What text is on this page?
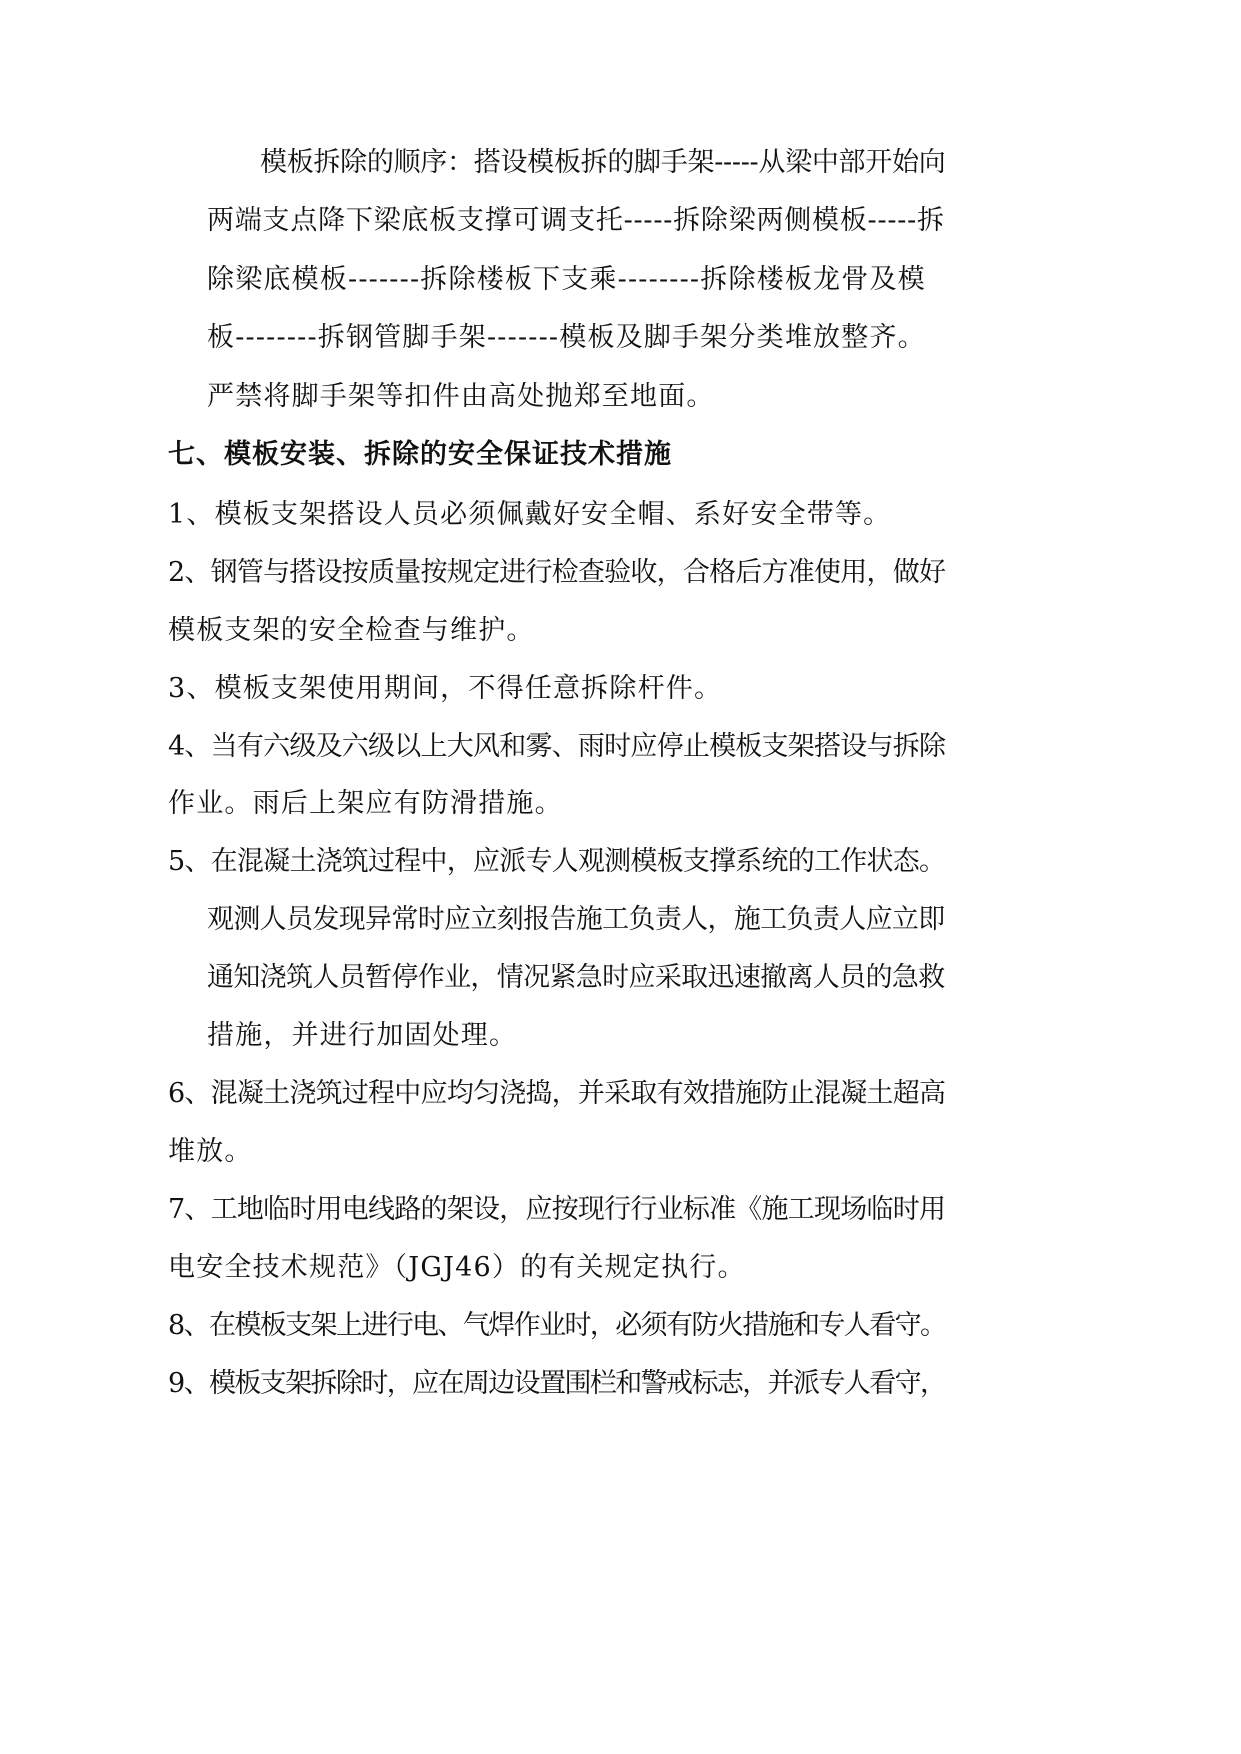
模板拆除的顺序：搭设模板拆的脚手架-----从梁中部开始向
两端支点降下梁底板支撑可调支托-----拆除梁两侧模板-----拆
除梁底模板-------拆除楼板下支乘--------拆除楼板龙骨及模
板--------拆钢管脚手架-------模板及脚手架分类堆放整齐。
严禁将脚手架等扣件由高处抛郑至地面。
七、模板安装、拆除的安全保证技术措施
1、模板支架搭设人员必须佩戴好安全帽、系好安全带等。
2、钢管与搭设按质量按规定进行检查验收，合格后方准使用，做好
模板支架的安全检查与维护。
3、模板支架使用期间，不得任意拆除杆件。
4、当有六级及六级以上大风和雾、雨时应停止模板支架搭设与拆除
作业。雨后上架应有防滑措施。
5、在混凝土浇筑过程中，应派专人观测模板支撑系统的工作状态。
观测人员发现异常时应立刻报告施工负责人，施工负责人应立即
通知浇筑人员暂停作业，情况紧急时应采取迅速撤离人员的急救
措施，并进行加固处理。
6、混凝土浇筑过程中应均匀浇捣，并采取有效措施防止混凝土超高
堆放。
7、工地临时用电线路的架设，应按现行行业标准《施工现场临时用
电安全技术规范》（JGJ46）的有关规定执行。
8、在模板支架上进行电、气焊作业时，必须有防火措施和专人看守。
9、模板支架拆除时，应在周边设置围栏和警戒标志，并派专人看守，
